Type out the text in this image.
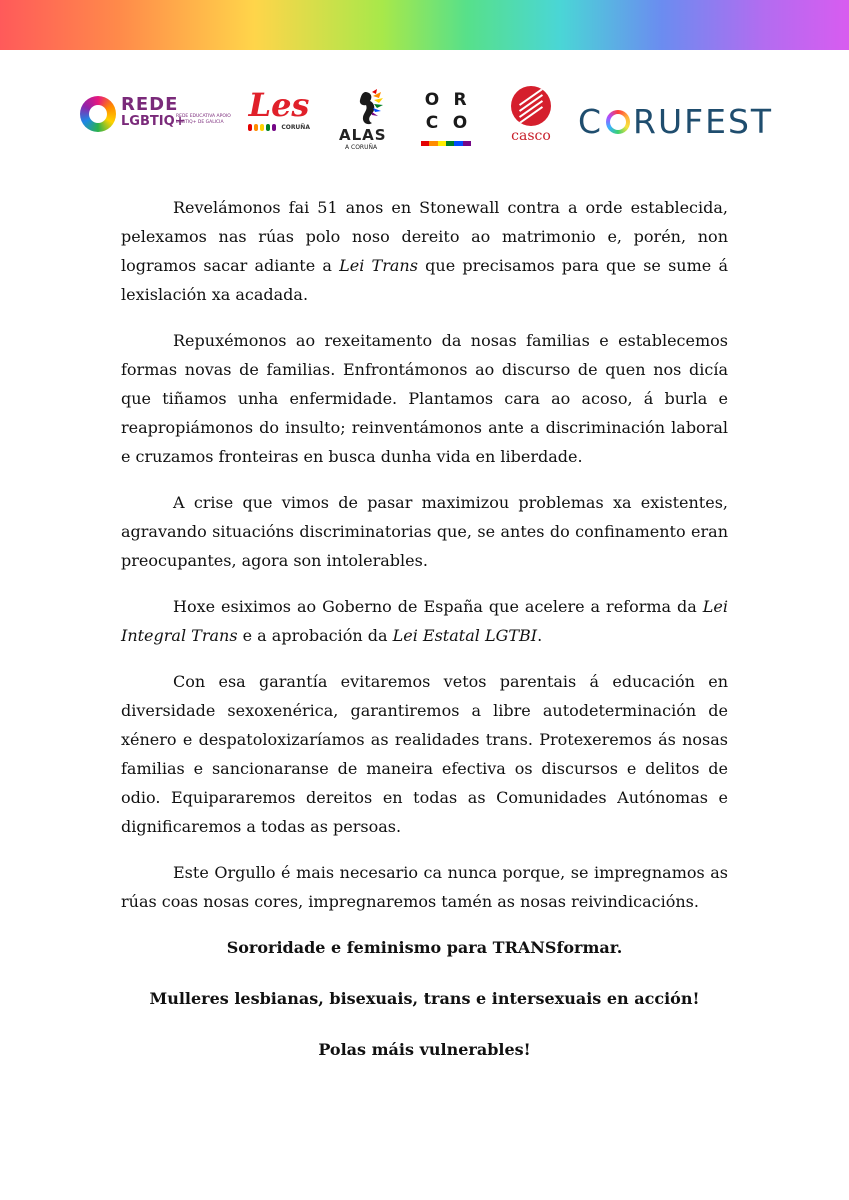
REDE
LGBTIQ+
REDE EDUCATIVA APOIO LGBTIQ+ DE GALICIA Les
CORUÑA ALAS
A CORUÑA
O R
C O
casco C RUFEST

Revelámonos fai 51 anos en Stonewall contra a orde establecida, pelexamos nas rúas polo noso dereito ao matrimonio e, porén, non logramos sacar adiante a Lei Trans que precisamos para que se sume á lexislación xa acadada.

Repuxémonos ao rexeitamento da nosas familias e establecemos formas novas de familias. Enfrontámonos ao discurso de quen nos dicía que tiñamos unha enfermidade. Plantamos cara ao acoso, á burla e reapropiámonos do insulto; reinventámonos ante a discriminación laboral e cruzamos fronteiras en busca dunha vida en liberdade.

A crise que vimos de pasar maximizou problemas xa existentes, agravando situacións discriminatorias que, se antes do confinamento eran preocupantes, agora son intolerables.

Hoxe esiximos ao Goberno de España que acelere a reforma da Lei Integral Trans e a aprobación da Lei Estatal LGTBI.

Con esa garantía evitaremos vetos parentais á educación en diversidade sexoxenérica, garantiremos a libre autodeterminación de xénero e despatoloxizaríamos as realidades trans. Protexeremos ás nosas familias e sancionaranse de maneira efectiva os discursos e delitos de odio. Equipararemos dereitos en todas as Comunidades Autónomas e dignificaremos a todas as persoas.

Este Orgullo é mais necesario ca nunca porque, se impregnamos as rúas coas nosas cores, impregnaremos tamén as nosas reivindicacións.

Sororidade e feminismo para TRANSformar.

Mulleres lesbianas, bisexuais, trans e intersexuais en acción!

Polas máis vulnerables!
